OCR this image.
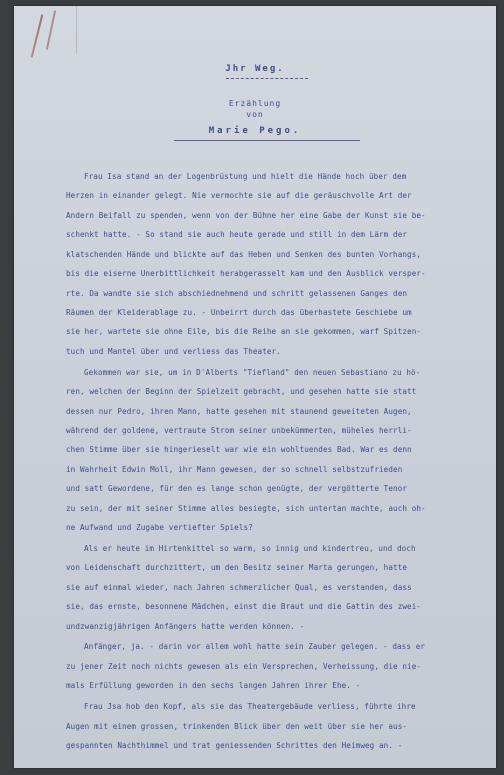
Jhr Weg.
Erzählung
von
Marie Pego.
Frau Isa stand an der Logenbrüstung und hielt die Hände hoch über dem
Herzen in einander gelegt. Nie vermochte sie auf die geräuschvolle Art der
Andern Beifall zu spenden, wenn von der Bühne her eine Gabe der Kunst sie be-
schenkt hatte. - So stand sie auch heute gerade und still in dem Lärm der
klatschenden Hände und blickte auf das Heben und Senken des bunten Vorhangs,
bis die eiserne Unerbittlichkeit herabgerasselt kam und den Ausblick versper-
rte. Da wandte sie sich abschiednehmend und schritt gelassenen Ganges den
Räumen der Kleiderablage zu. - Unbeirrt durch das überhastete Geschiebe um
sie her, wartete sie ohne Eile, bis die Reihe an sie gekommen, warf Spitzen-
tuch und Mantel über und verliess das Theater.
Gekommen war sie, um in D'Alberts "Tiefland" den neuen Sebastiano zu hö-
ren, welchen der Beginn der Spielzeit gebracht, und gesehen hatte sie statt
dessen nur Pedro, ihren Mann, hatte gesehen mit staunend geweiteten Augen,
während der goldene, vertraute Strom seiner unbekümmerten, müheles herrli-
chen Stimme über sie hingerieselt war wie ein wohltuendes Bad. War es denn
in Wahrheit Edwin Moll, ihr Mann gewesen, der so schnell selbstzufrieden
und satt Gewordene, für den es lange schon genügte, der vergötterte Tenor
zu sein, der mit seiner Stimme alles besiegte, sich untertan machte, auch oh-
ne Aufwand und Zugabe vertiefter Spiels?
Als er heute im Hirtenkittel so warm, so innig und kindertreu, und doch
von Leidenschaft durchzittert, um den Besitz seiner Marta gerungen, hatte
sie auf einmal wieder, nach Jahren schmerzlicher Qual, es verstanden, dass
sie, das ernste, besonnene Mädchen, einst die Braut und die Gattin des zwei-
undzwanzigjährigen Anfängers hatte werden können. -
Anfänger, ja. - darin vor allem wohl hatte sein Zauber gelegen. - dass er
zu jener Zeit noch nichts gewesen als ein Versprechen, Verheissung, die nie-
mals Erfüllung geworden in den sechs langen Jahren ihrer Ehe. -
Frau Jsa hob den Kopf, als sie das Theatergebäude verliess, führte ihre
Augen mit einem grossen, trinkenden Blick über den weit über sie her aus-
gespannten Nachthimmel und trat geniessenden Schrittes den Heimweg an. -
